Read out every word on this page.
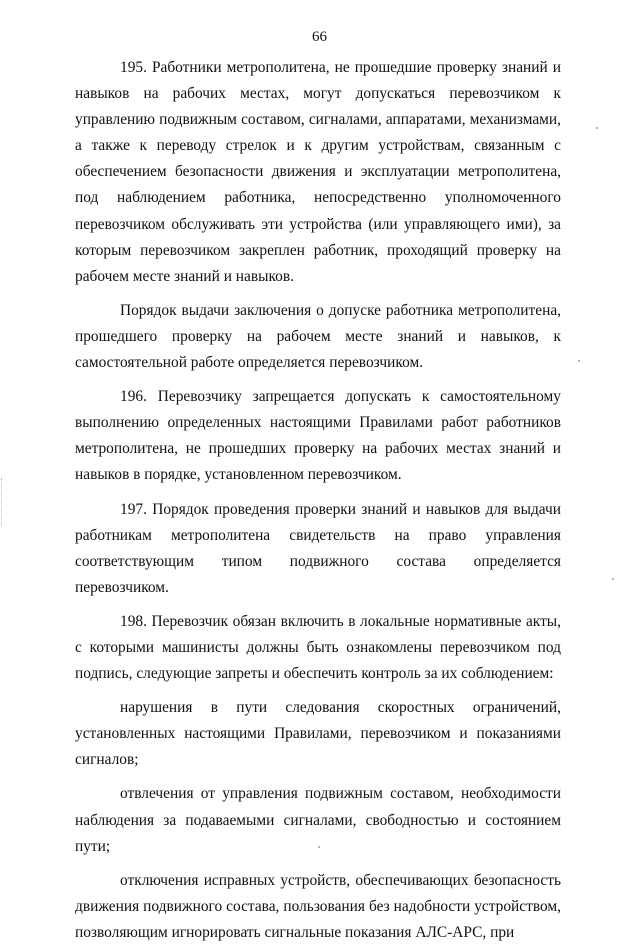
66

195. Работники метрополитена, не прошедшие проверку знаний и навыков на рабочих местах, могут допускаться перевозчиком к управлению подвижным составом, сигналами, аппаратами, механизмами, а также к переводу стрелок и к другим устройствам, связанным с обеспечением безопасности движения и эксплуатации метрополитена, под наблюдением работника, непосредственно уполномоченного перевозчиком обслуживать эти устройства (или управляющего ими), за которым перевозчиком закреплен работник, проходящий проверку на рабочем месте знаний и навыков.

Порядок выдачи заключения о допуске работника метрополитена, прошедшего проверку на рабочем месте знаний и навыков, к самостоятельной работе определяется перевозчиком.

196. Перевозчику запрещается допускать к самостоятельному выполнению определенных настоящими Правилами работ работников метрополитена, не прошедших проверку на рабочих местах знаний и навыков в порядке, установленном перевозчиком.

197. Порядок проведения проверки знаний и навыков для выдачи работникам метрополитена свидетельств на право управления соответствующим типом подвижного состава определяется перевозчиком.

198. Перевозчик обязан включить в локальные нормативные акты, с которыми машинисты должны быть ознакомлены перевозчиком под подпись, следующие запреты и обеспечить контроль за их соблюдением:

нарушения в пути следования скоростных ограничений, установленных настоящими Правилами, перевозчиком и показаниями сигналов;

отвлечения от управления подвижным составом, необходимости наблюдения за подаваемыми сигналами, свободностью и состоянием пути;

отключения исправных устройств, обеспечивающих безопасность движения подвижного состава, пользования без надобности устройством, позволяющим игнорировать сигнальные показания АЛС-АРС, при
